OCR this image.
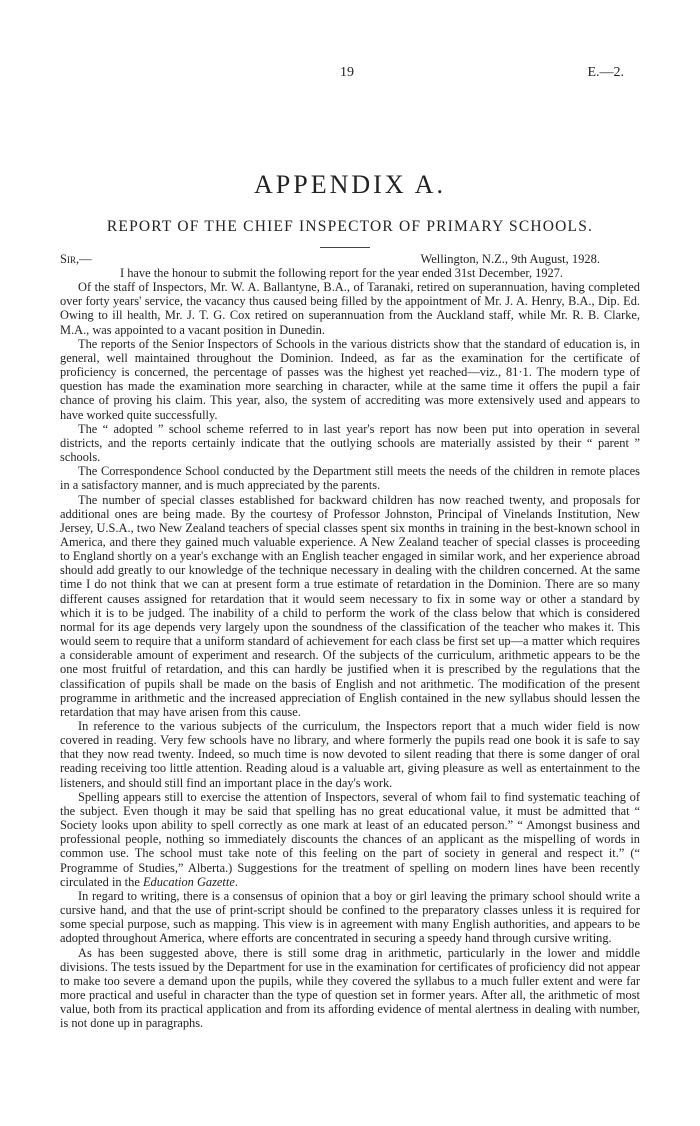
19	E.—2.
APPENDIX A.
REPORT OF THE CHIEF INSPECTOR OF PRIMARY SCHOOLS.
Sir,—	Wellington, N.Z., 9th August, 1928.

I have the honour to submit the following report for the year ended 31st December, 1927.

Of the staff of Inspectors, Mr. W. A. Ballantyne, B.A., of Taranaki, retired on superannuation, having completed over forty years' service, the vacancy thus caused being filled by the appointment of Mr. J. A. Henry, B.A., Dip. Ed. Owing to ill health, Mr. J. T. G. Cox retired on superannuation from the Auckland staff, while Mr. R. B. Clarke, M.A., was appointed to a vacant position in Dunedin.

The reports of the Senior Inspectors of Schools in the various districts show that the standard of education is, in general, well maintained throughout the Dominion. Indeed, as far as the examination for the certificate of proficiency is concerned, the percentage of passes was the highest yet reached—viz., 81·1. The modern type of question has made the examination more searching in character, while at the same time it offers the pupil a fair chance of proving his claim. This year, also, the system of accrediting was more extensively used and appears to have worked quite successfully.

The “ adopted ” school scheme referred to in last year's report has now been put into operation in several districts, and the reports certainly indicate that the outlying schools are materially assisted by their “ parent ” schools.

The Correspondence School conducted by the Department still meets the needs of the children in remote places in a satisfactory manner, and is much appreciated by the parents.

The number of special classes established for backward children has now reached twenty, and proposals for additional ones are being made. By the courtesy of Professor Johnston, Principal of Vinelands Institution, New Jersey, U.S.A., two New Zealand teachers of special classes spent six months in training in the best-known school in America, and there they gained much valuable experience. A New Zealand teacher of special classes is proceeding to England shortly on a year's exchange with an English teacher engaged in similar work, and her experience abroad should add greatly to our knowledge of the technique necessary in dealing with the children concerned. At the same time I do not think that we can at present form a true estimate of retardation in the Dominion. There are so many different causes assigned for retardation that it would seem necessary to fix in some way or other a standard by which it is to be judged. The inability of a child to perform the work of the class below that which is considered normal for its age depends very largely upon the soundness of the classification of the teacher who makes it. This would seem to require that a uniform standard of achievement for each class be first set up—a matter which requires a considerable amount of experiment and research. Of the subjects of the curriculum, arithmetic appears to be the one most fruitful of retardation, and this can hardly be justified when it is prescribed by the regulations that the classification of pupils shall be made on the basis of English and not arithmetic. The modification of the present programme in arithmetic and the increased appreciation of English contained in the new syllabus should lessen the retardation that may have arisen from this cause.

In reference to the various subjects of the curriculum, the Inspectors report that a much wider field is now covered in reading. Very few schools have no library, and where formerly the pupils read one book it is safe to say that they now read twenty. Indeed, so much time is now devoted to silent reading that there is some danger of oral reading receiving too little attention. Reading aloud is a valuable art, giving pleasure as well as entertainment to the listeners, and should still find an important place in the day's work.

Spelling appears still to exercise the attention of Inspectors, several of whom fail to find systematic teaching of the subject. Even though it may be said that spelling has no great educational value, it must be admitted that “ Society looks upon ability to spell correctly as one mark at least of an educated person.” “ Amongst business and professional people, nothing so immediately discounts the chances of an applicant as the mispelling of words in common use. The school must take note of this feeling on the part of society in general and respect it.” (“ Programme of Studies,” Alberta.) Suggestions for the treatment of spelling on modern lines have been recently circulated in the Education Gazette.

In regard to writing, there is a consensus of opinion that a boy or girl leaving the primary school should write a cursive hand, and that the use of print-script should be confined to the preparatory classes unless it is required for some special purpose, such as mapping. This view is in agreement with many English authorities, and appears to be adopted throughout America, where efforts are concentrated in securing a speedy hand through cursive writing.

As has been suggested above, there is still some drag in arithmetic, particularly in the lower and middle divisions. The tests issued by the Department for use in the examination for certificates of proficiency did not appear to make too severe a demand upon the pupils, while they covered the syllabus to a much fuller extent and were far more practical and useful in character than the type of question set in former years. After all, the arithmetic of most value, both from its practical application and from its affording evidence of mental alertness in dealing with number, is not done up in paragraphs.
